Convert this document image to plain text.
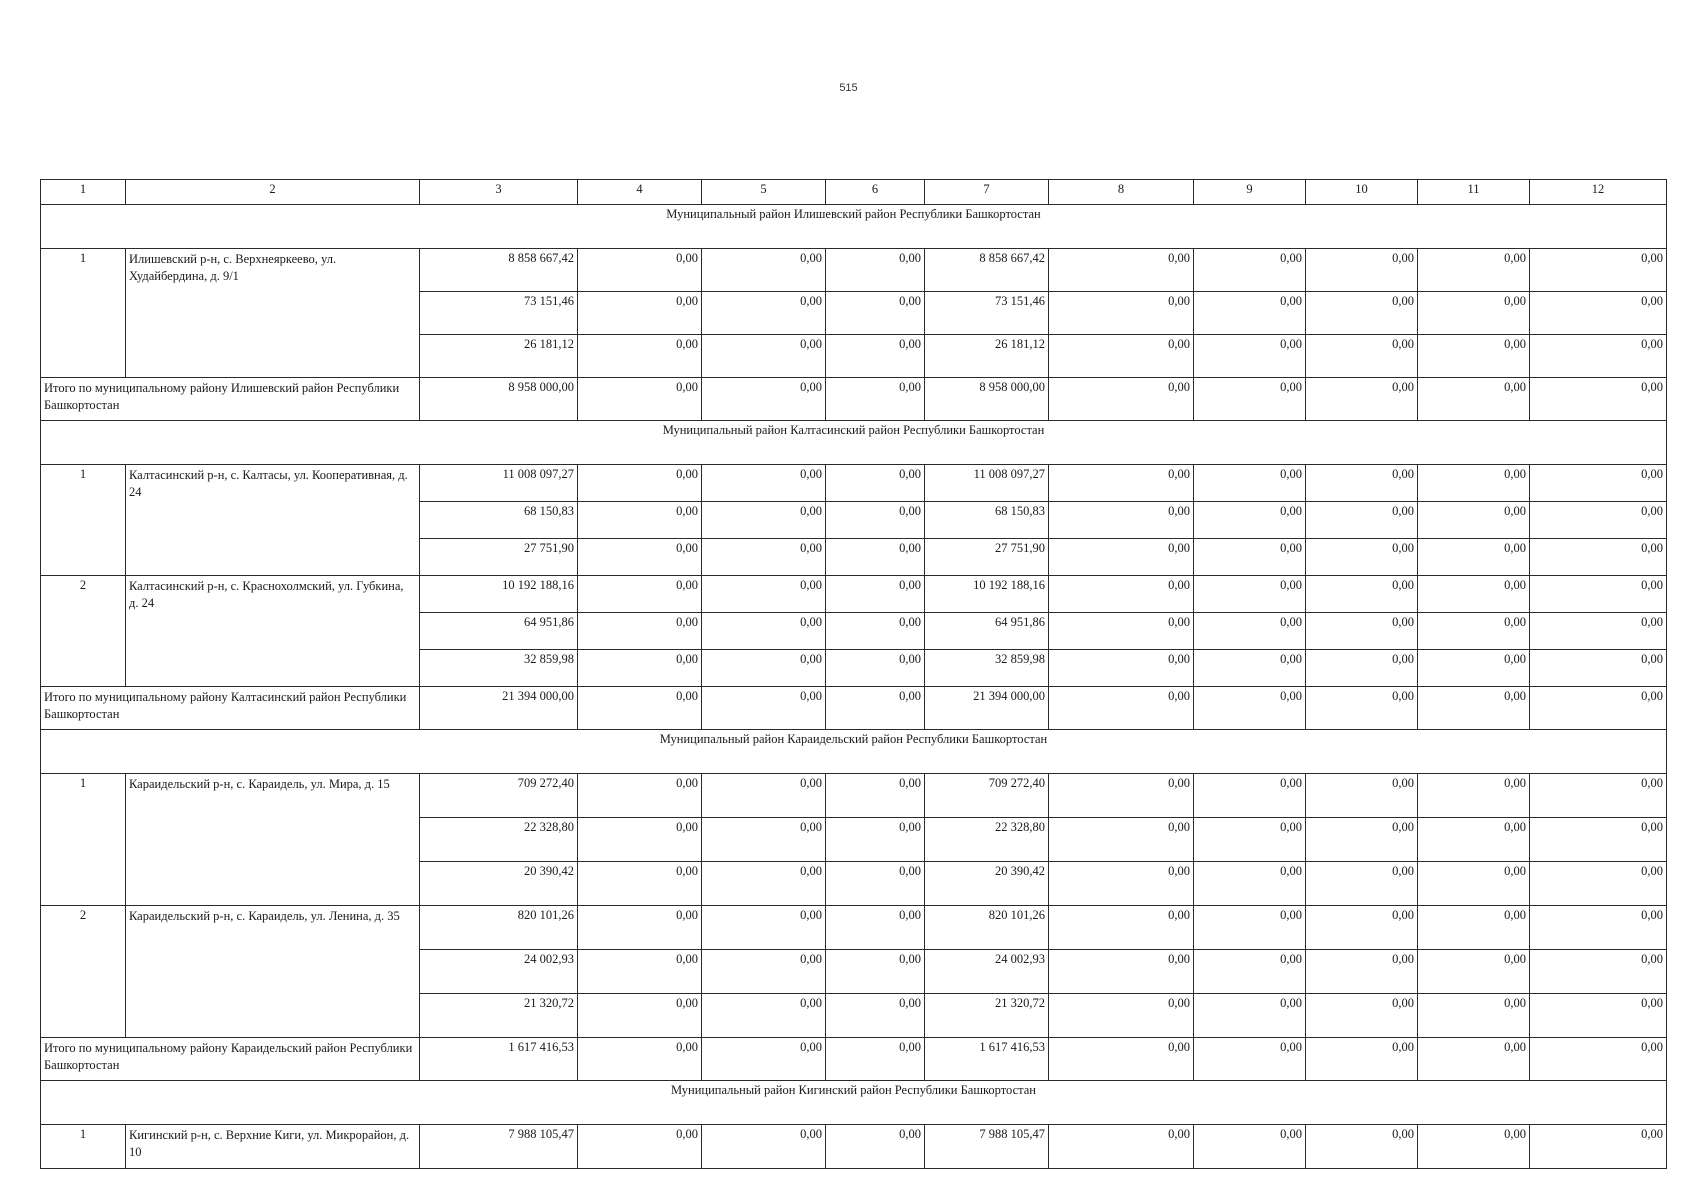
515
1	2	3	4	5	6	7	8	9	10	11	12
Муниципальный район Илишевский район Республики Башкортостан											
1	Илишевский р-н, с. Верхнеяркеево, ул. Худайбердина, д. 9/1	8 858 667,42	0,00	0,00	0,00	8 858 667,42	0,00	0,00	0,00	0,00	0,00
		73 151,46	0,00	0,00	0,00	73 151,46	0,00	0,00	0,00	0,00	0,00
		26 181,12	0,00	0,00	0,00	26 181,12	0,00	0,00	0,00	0,00	0,00
Итого по муниципальному району Илишевский район Республики Башкортостан		8 958 000,00	0,00	0,00	0,00	8 958 000,00	0,00	0,00	0,00	0,00	0,00
Муниципальный район Калтасинский район Республики Башкортостан											
1	Калтасинский р-н, с. Калтасы, ул. Кооперативная, д. 24	11 008 097,27	0,00	0,00	0,00	11 008 097,27	0,00	0,00	0,00	0,00	0,00
		68 150,83	0,00	0,00	0,00	68 150,83	0,00	0,00	0,00	0,00	0,00
		27 751,90	0,00	0,00	0,00	27 751,90	0,00	0,00	0,00	0,00	0,00
2	Калтасинский р-н, с. Краснохолмский, ул. Губкина, д. 24	10 192 188,16	0,00	0,00	0,00	10 192 188,16	0,00	0,00	0,00	0,00	0,00
		64 951,86	0,00	0,00	0,00	64 951,86	0,00	0,00	0,00	0,00	0,00
		32 859,98	0,00	0,00	0,00	32 859,98	0,00	0,00	0,00	0,00	0,00
Итого по муниципальному району Калтасинский район Республики Башкортостан		21 394 000,00	0,00	0,00	0,00	21 394 000,00	0,00	0,00	0,00	0,00	0,00
Муниципальный район Караидельский район Республики Башкортостан											
1	Караидельский р-н, с. Караидель, ул. Мира, д. 15	709 272,40	0,00	0,00	0,00	709 272,40	0,00	0,00	0,00	0,00	0,00
		22 328,80	0,00	0,00	0,00	22 328,80	0,00	0,00	0,00	0,00	0,00
		20 390,42	0,00	0,00	0,00	20 390,42	0,00	0,00	0,00	0,00	0,00
2	Караидельский р-н, с. Караидель, ул. Ленина, д. 35	820 101,26	0,00	0,00	0,00	820 101,26	0,00	0,00	0,00	0,00	0,00
		24 002,93	0,00	0,00	0,00	24 002,93	0,00	0,00	0,00	0,00	0,00
		21 320,72	0,00	0,00	0,00	21 320,72	0,00	0,00	0,00	0,00	0,00
Итого по муниципальному району Караидельский район Республики Башкортостан		1 617 416,53	0,00	0,00	0,00	1 617 416,53	0,00	0,00	0,00	0,00	0,00
Муниципальный район Кигинский район Республики Башкортостан											
1	Кигинский р-н, с. Верхние Киги, ул. Микрорайон, д. 10	7 988 105,47	0,00	0,00	0,00	7 988 105,47	0,00	0,00	0,00	0,00	0,00
